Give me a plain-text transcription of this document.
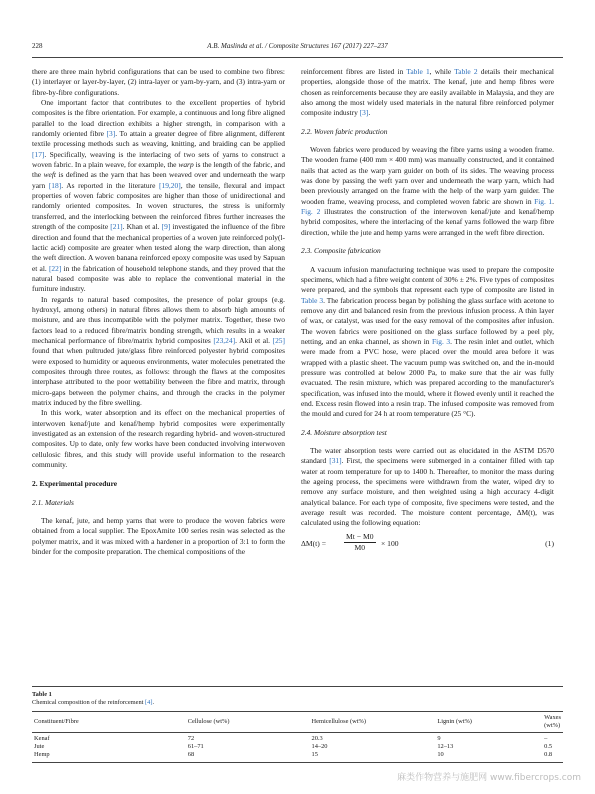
228	A.B. Maslinda et al. / Composite Structures 167 (2017) 227–237

there are three main hybrid configurations that can be used to combine two fibres: (1) interlayer or layer-by-layer, (2) intra-layer or yarn-by-yarn, and (3) intra-yarn or fibre-by-fibre configurations.

One important factor that contributes to the excellent properties of hybrid composites is the fibre orientation. For example, a continuous and long fibre aligned parallel to the load direction exhibits a higher strength, in comparison with a randomly oriented fibre [3]. To attain a greater degree of fibre alignment, different textile processing methods such as weaving, knitting, and braiding can be applied [17]. Specifically, weaving is the interlacing of two sets of yarns to construct a woven fabric. In a plain weave, for example, the warp is the length of the fabric, and the weft is defined as the yarn that has been weaved over and underneath the warp yarn [18]. As reported in the literature [19,20], the tensile, flexural and impact properties of woven fabric composites are higher than those of unidirectional and randomly oriented composites. In woven structures, the stress is uniformly transferred, and the interlocking between the reinforced fibres further increases the strength of the composite [21]. Khan et al. [9] investigated the influence of the fibre direction and found that the mechanical properties of a woven jute reinforced poly(l-lactic acid) composite are greater when tested along the warp direction, than along the weft direction. A woven banana reinforced epoxy composite was used by Sapuan et al. [22] in the fabrication of household telephone stands, and they proved that the natural based composite was able to replace the conventional material in the furniture industry.

In regards to natural based composites, the presence of polar groups (e.g. hydroxyl, among others) in natural fibres allows them to absorb high amounts of moisture, and are thus incompatible with the polymer matrix. Together, these two factors lead to a reduced fibre/matrix bonding strength, which results in a weaker mechanical performance of fibre/matrix hybrid composites [23,24]. Akil et al. [25] found that when pultruded jute/glass fibre reinforced polyester hybrid composites were exposed to humidity or aqueous environments, water molecules penetrated the composites through three routes, as follows: through the flaws at the composites interphase attributed to the poor wettability between the fibre and matrix, through micro-gaps between the polymer chains, and through the cracks in the polymer matrix induced by the fibre swelling.

In this work, water absorption and its effect on the mechanical properties of interwoven kenaf/jute and kenaf/hemp hybrid composites were experimentally investigated as an extension of the research regarding hybrid- and woven-structured composites. Up to date, only few works have been conducted involving interwoven cellulosic fibres, and this study will provide useful information to the research community.

2. Experimental procedure
2.1. Materials

The kenaf, jute, and hemp yarns that were to produce the woven fabrics were obtained from a local supplier. The EpoxAmite 100 series resin was selected as the polymer matrix, and it was mixed with a hardener in a proportion of 3:1 to form the binder for the composite preparation. The chemical compositions of the

reinforcement fibres are listed in Table 1, while Table 2 details their mechanical properties, alongside those of the matrix. The kenaf, jute and hemp fibres were chosen as reinforcements because they are easily available in Malaysia, and they are also among the most widely used materials in the natural fibre reinforced polymer composite industry [3].

2.2. Woven fabric production

Woven fabrics were produced by weaving the fibre yarns using a wooden frame. The wooden frame (400 mm × 400 mm) was manually constructed, and it contained nails that acted as the warp yarn guider on both of its sides. The weaving process was done by passing the weft yarn over and underneath the warp yarn, which had been previously arranged on the frame with the help of the warp yarn guider. The wooden frame, weaving process, and completed woven fabric are shown in Fig. 1. Fig. 2 illustrates the construction of the interwoven kenaf/jute and kenaf/hemp hybrid composites, where the interlacing of the kenaf yarns followed the warp fibre direction, while the jute and hemp yarns were arranged in the weft fibre direction.

2.3. Composite fabrication

A vacuum infusion manufacturing technique was used to prepare the composite specimens, which had a fibre weight content of 30% ± 2%. Five types of composites were prepared, and the symbols that represent each type of composite are listed in Table 3. The fabrication process began by polishing the glass surface with acetone to remove any dirt and balanced resin from the previous infusion process. A thin layer of wax, or catalyst, was used for the easy removal of the composites after infusion. The woven fabrics were positioned on the glass surface followed by a peel ply, netting, and an enka channel, as shown in Fig. 3. The resin inlet and outlet, which were made from a PVC hose, were placed over the mould area before it was wrapped with a plastic sheet. The vacuum pump was switched on, and the in-mould pressure was controlled at below 2000 Pa, to make sure that the air was fully evacuated. The resin mixture, which was prepared according to the manufacturer's specification, was infused into the mould, where it flowed evenly until it reached the end. Excess resin flowed into a resin trap. The infused composite was removed from the mould and cured for 24 h at room temperature (25 °C).

2.4. Moisture absorption test

The water absorption tests were carried out as elucidated in the ASTM D570 standard [31]. First, the specimens were submerged in a container filled with tap water at room temperature for up to 1400 h. Thereafter, to monitor the mass during the ageing process, the specimens were withdrawn from the water, wiped dry to remove any surface moisture, and then weighted using a high accuracy 4-digit analytical balance. For each type of composite, five specimens were tested, and the average result was recorded. The moisture content percentage, ΔM(t), was calculated using the following equation:

$\Delta M(t) = \frac{Mt - M0}{M0} \times 100$	(1)
Table 1
Chemical composition of the reinforcement [4].
Constituent/Fibre	Cellulose (wt%)	Hemicellulose (wt%)	Lignin (wt%)	Waxes (wt%)
Kenaf	72	20.3	9	–
Jute	61–71	14–20	12–13	0.5
Hemp	68	15	10	0.8
麻类作物营养与施肥网 www.fibercrops.com
